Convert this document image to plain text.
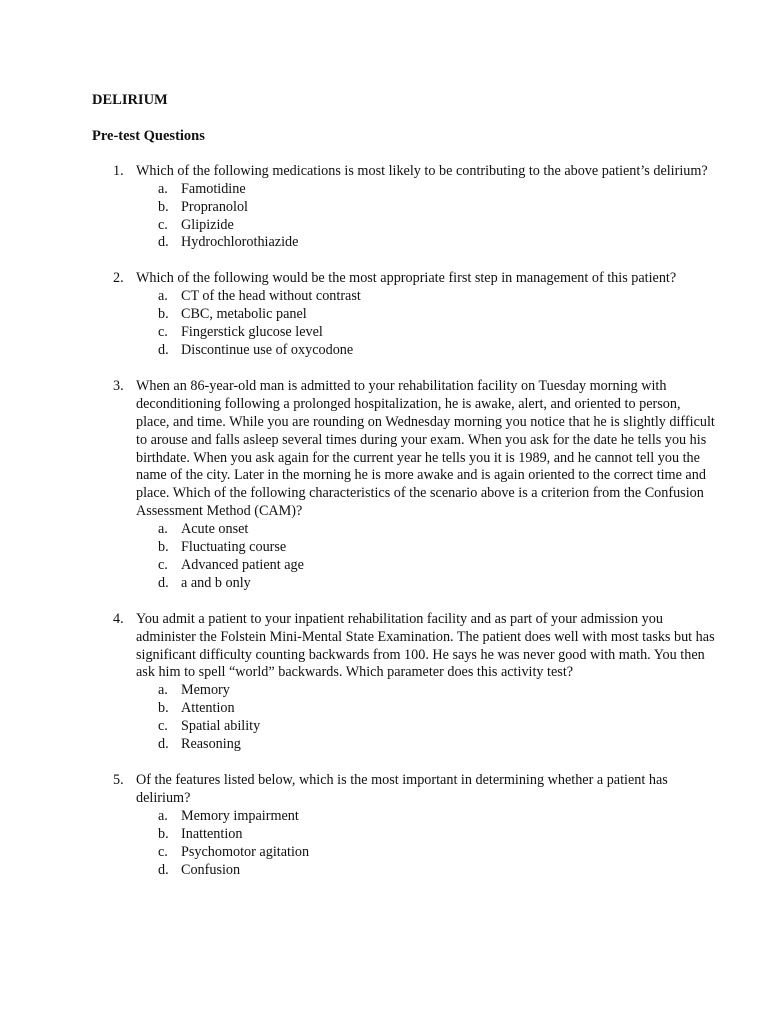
DELIRIUM

Pre-test Questions

1. Which of the following medications is most likely to be contributing to the above patient’s delirium?
a. Famotidine
b. Propranolol
c. Glipizide
d. Hydrochlorothiazide
2. Which of the following would be the most appropriate first step in management of this patient?
a. CT of the head without contrast
b. CBC, metabolic panel
c. Fingerstick glucose level
d. Discontinue use of oxycodone
3. When an 86-year-old man is admitted to your rehabilitation facility on Tuesday morning with deconditioning following a prolonged hospitalization, he is awake, alert, and oriented to person, place, and time. While you are rounding on Wednesday morning you notice that he is slightly difficult to arouse and falls asleep several times during your exam. When you ask for the date he tells you his birthdate. When you ask again for the current year he tells you it is 1989, and he cannot tell you the name of the city. Later in the morning he is more awake and is again oriented to the correct time and place. Which of the following characteristics of the scenario above is a criterion from the Confusion Assessment Method (CAM)?
a. Acute onset
b. Fluctuating course
c. Advanced patient age
d. a and b only
4. You admit a patient to your inpatient rehabilitation facility and as part of your admission you administer the Folstein Mini-Mental State Examination. The patient does well with most tasks but has significant difficulty counting backwards from 100. He says he was never good with math. You then ask him to spell “world” backwards. Which parameter does this activity test?
a. Memory
b. Attention
c. Spatial ability
d. Reasoning
5. Of the features listed below, which is the most important in determining whether a patient has delirium?
a. Memory impairment
b. Inattention
c. Psychomotor agitation
d. Confusion
